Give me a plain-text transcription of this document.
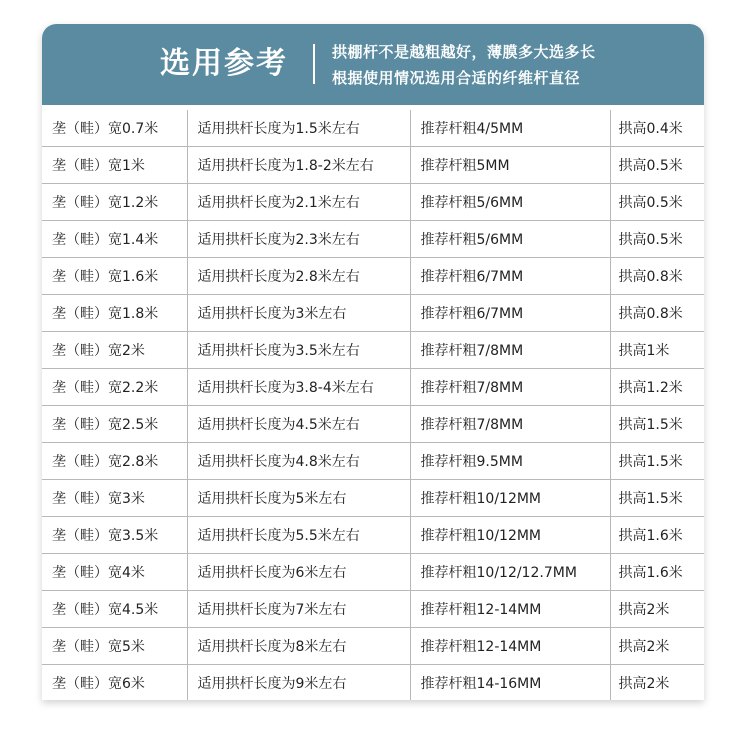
选用参考	拱棚杆不是越粗越好，薄膜多大选多长
根据使用情况选用合适的纤维杆直径
垄（畦）宽0.7米	适用拱杆长度为1.5米左右	推荐杆粗4/5MM	拱高0.4米
垄（畦）宽1米	适用拱杆长度为1.8-2米左右	推荐杆粗5MM	拱高0.5米
垄（畦）宽1.2米	适用拱杆长度为2.1米左右	推荐杆粗5/6MM	拱高0.5米
垄（畦）宽1.4米	适用拱杆长度为2.3米左右	推荐杆粗5/6MM	拱高0.5米
垄（畦）宽1.6米	适用拱杆长度为2.8米左右	推荐杆粗6/7MM	拱高0.8米
垄（畦）宽1.8米	适用拱杆长度为3米左右	推荐杆粗6/7MM	拱高0.8米
垄（畦）宽2米	适用拱杆长度为3.5米左右	推荐杆粗7/8MM	拱高1米
垄（畦）宽2.2米	适用拱杆长度为3.8-4米左右	推荐杆粗7/8MM	拱高1.2米
垄（畦）宽2.5米	适用拱杆长度为4.5米左右	推荐杆粗7/8MM	拱高1.5米
垄（畦）宽2.8米	适用拱杆长度为4.8米左右	推荐杆粗9.5MM	拱高1.5米
垄（畦）宽3米	适用拱杆长度为5米左右	推荐杆粗10/12MM	拱高1.5米
垄（畦）宽3.5米	适用拱杆长度为5.5米左右	推荐杆粗10/12MM	拱高1.6米
垄（畦）宽4米	适用拱杆长度为6米左右	推荐杆粗10/12/12.7MM	拱高1.6米
垄（畦）宽4.5米	适用拱杆长度为7米左右	推荐杆粗12-14MM	拱高2米
垄（畦）宽5米	适用拱杆长度为8米左右	推荐杆粗12-14MM	拱高2米
垄（畦）宽6米	适用拱杆长度为9米左右	推荐杆粗14-16MM	拱高2米
